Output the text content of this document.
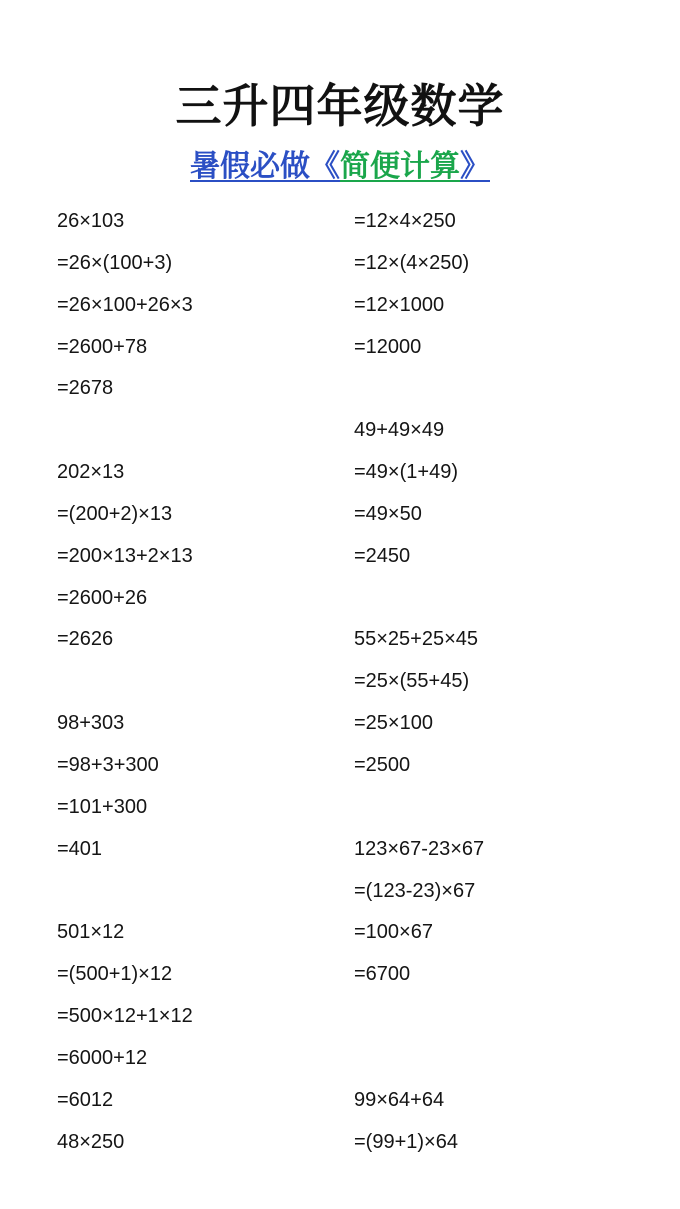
三升四年级数学
暑假必做《简便计算》
26×103
=26×(100+3)
=26×100+26×3
=2600+78
=2678
202×13
=(200+2)×13
=200×13+2×13
=2600+26
=2626
98+303
=98+3+300
=101+300
=401
501×12
=(500+1)×12
=500×12+1×12
=6000+12
=6012
48×250
=12×4×250
=12×(4×250)
=12×1000
=12000
49+49×49
=49×(1+49)
=49×50
=2450
55×25+25×45
=25×(55+45)
=25×100
=2500
123×67-23×67
=(123-23)×67
=100×67
=6700
99×64+64
=(99+1)×64
